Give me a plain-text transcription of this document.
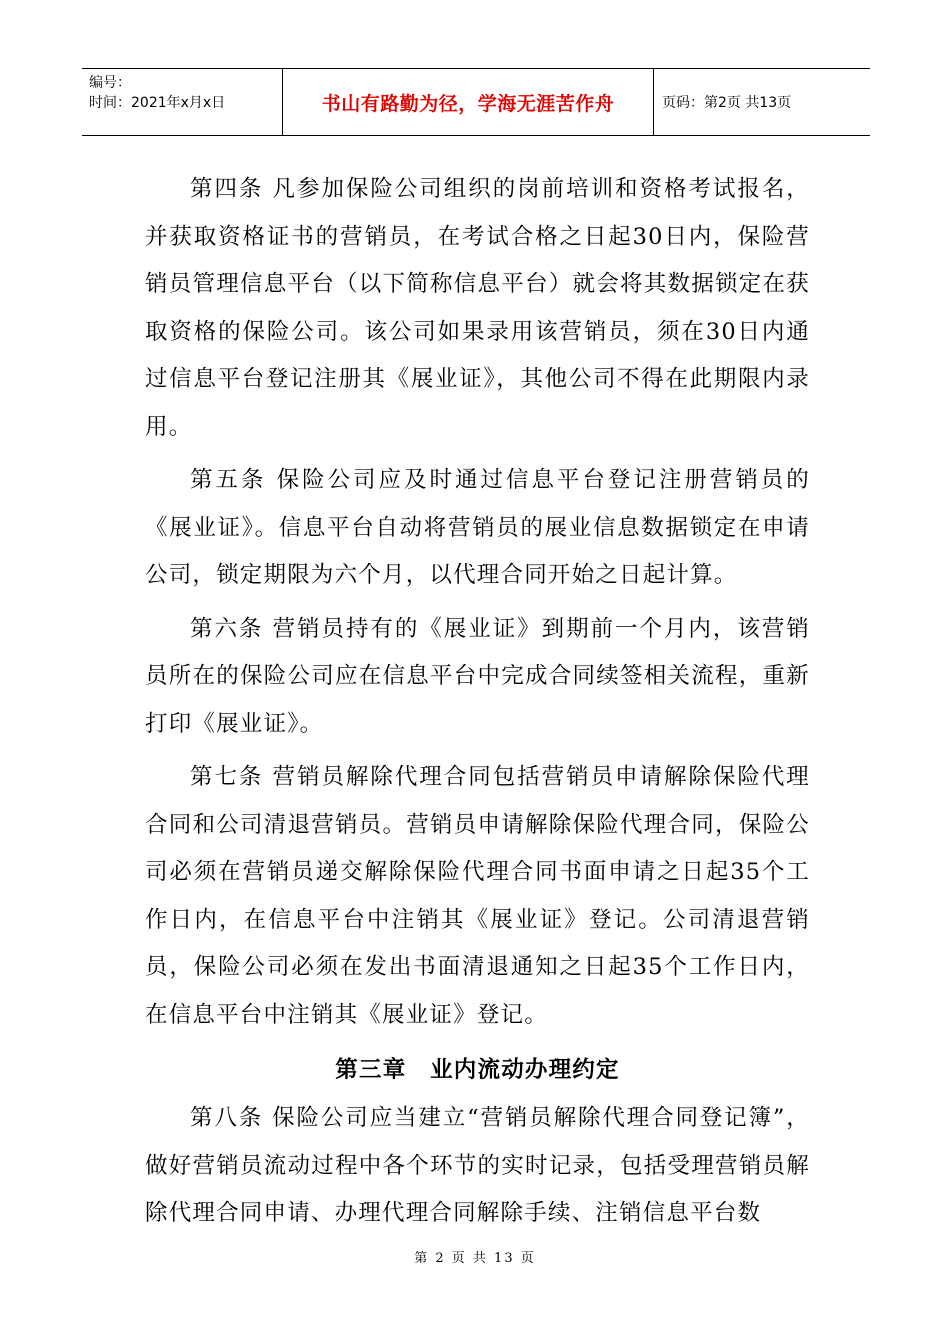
编号：
时间：2021年x月x日	书山有路勤为径，学海无涯苦作舟	页码：第2页 共13页

第四条 凡参加保险公司组织的岗前培训和资格考试报名，并获取资格证书的营销员，在考试合格之日起30日内，保险营销员管理信息平台（以下简称信息平台）就会将其数据锁定在获取资格的保险公司。该公司如果录用该营销员，须在30日内通过信息平台登记注册其《展业证》，其他公司不得在此期限内录用。

第五条 保险公司应及时通过信息平台登记注册营销员的《展业证》。信息平台自动将营销员的展业信息数据锁定在申请公司，锁定期限为六个月，以代理合同开始之日起计算。

第六条 营销员持有的《展业证》到期前一个月内，该营销员所在的保险公司应在信息平台中完成合同续签相关流程，重新打印《展业证》。

第七条 营销员解除代理合同包括营销员申请解除保险代理合同和公司清退营销员。营销员申请解除保险代理合同，保险公司必须在营销员递交解除保险代理合同书面申请之日起35个工作日内，在信息平台中注销其《展业证》登记。公司清退营销员，保险公司必须在发出书面清退通知之日起35个工作日内，在信息平台中注销其《展业证》登记。

第三章　业内流动办理约定

第八条 保险公司应当建立“营销员解除代理合同登记簿”，做好营销员流动过程中各个环节的实时记录，包括受理营销员解除代理合同申请、办理代理合同解除手续、注销信息平台数

第 2 页 共 13 页
